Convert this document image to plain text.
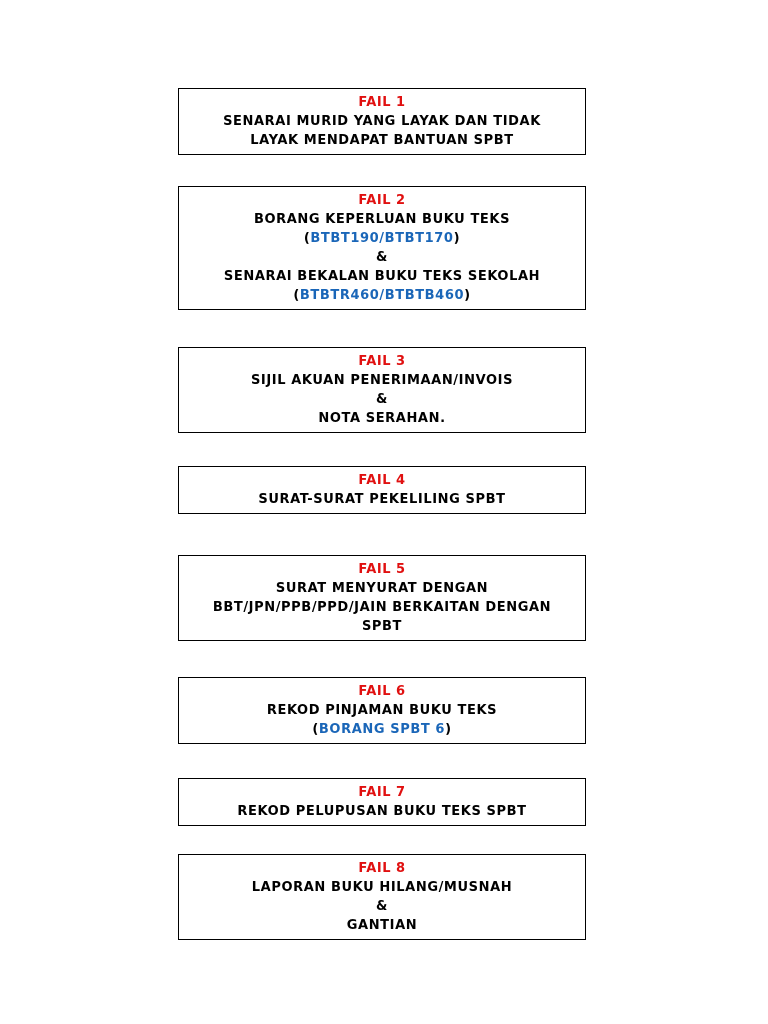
FAIL 1
SENARAI MURID YANG LAYAK DAN TIDAK
LAYAK MENDAPAT BANTUAN SPBT
FAIL 2
BORANG KEPERLUAN BUKU TEKS
(BTBT190/BTBT170)
&
SENARAI BEKALAN BUKU TEKS SEKOLAH
(BTBTR460/BTBTB460)
FAIL 3
SIJIL AKUAN PENERIMAAN/INVOIS
&
NOTA SERAHAN.
FAIL 4
SURAT-SURAT PEKELILING SPBT
FAIL 5
SURAT MENYURAT DENGAN
BBT/JPN/PPB/PPD/JAIN BERKAITAN DENGAN
SPBT
FAIL 6
REKOD PINJAMAN BUKU TEKS
(BORANG SPBT 6)
FAIL 7
REKOD PELUPUSAN BUKU TEKS SPBT
FAIL 8
LAPORAN BUKU HILANG/MUSNAH
&
GANTIAN
